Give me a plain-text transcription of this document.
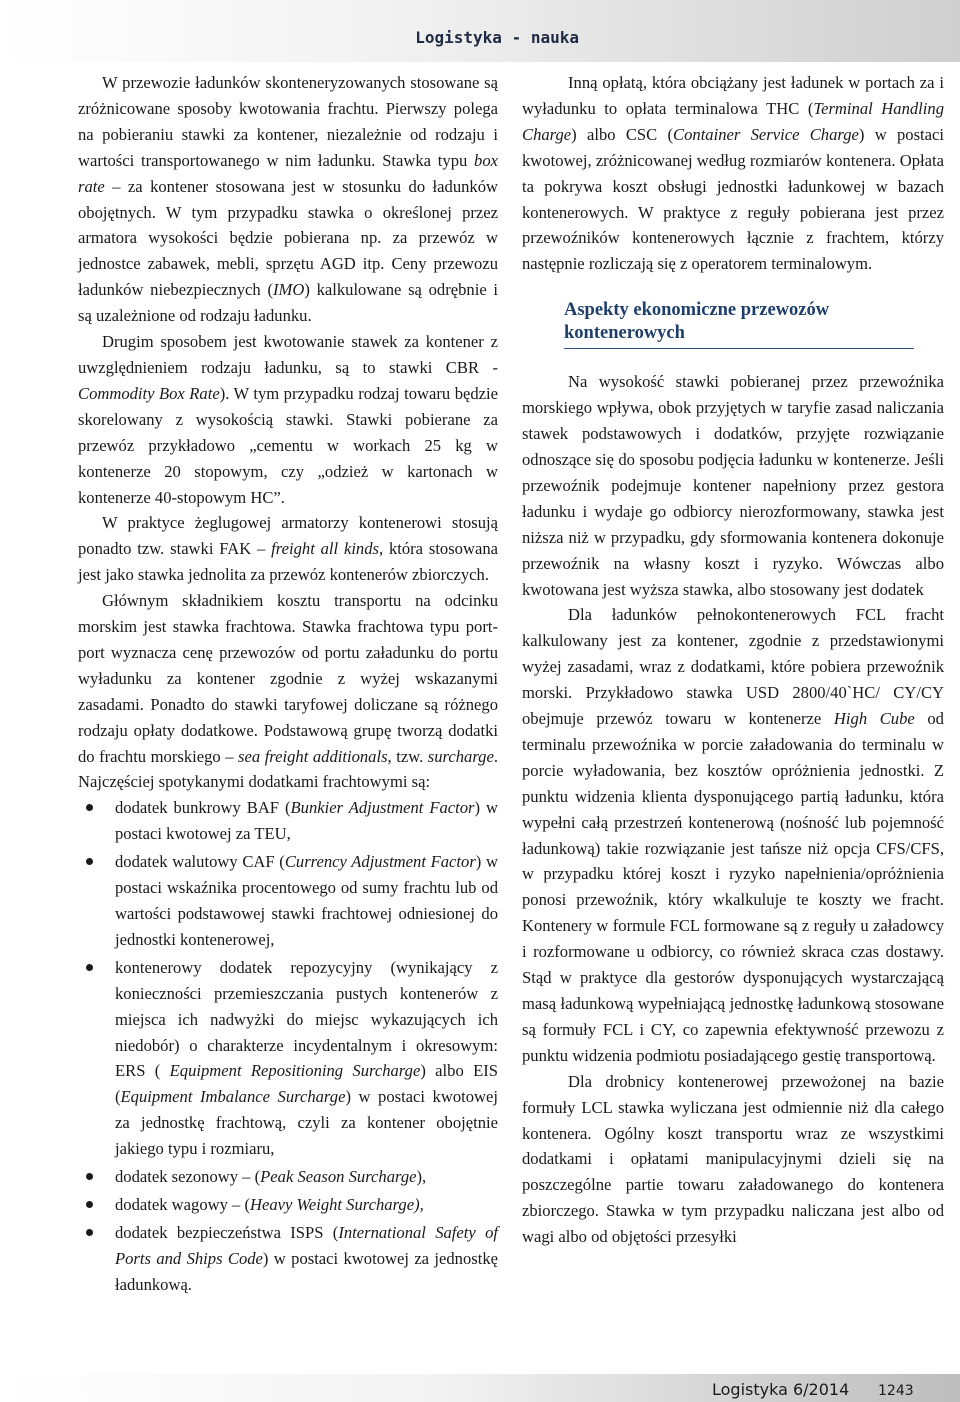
Logistyka - nauka

W przewozie ładunków skonteneryzowanych stosowane są zróżnicowane sposoby kwotowania frachtu. Pierwszy polega na pobieraniu stawki za kontener, niezależnie od rodzaju i wartości transportowanego w nim ładunku. Stawka typu box rate – za kontener stosowana jest w stosunku do ładunków obojętnych. W tym przypadku stawka o określonej przez armatora wysokości będzie pobierana np. za przewóz w jednostce zabawek, mebli, sprzętu AGD itp. Ceny przewozu ładunków niebezpiecznych (IMO) kalkulowane są odrębnie i są uzależnione od rodzaju ładunku.

Drugim sposobem jest kwotowanie stawek za kontener z uwzględnieniem rodzaju ładunku, są to stawki CBR - Commodity Box Rate). W tym przypadku rodzaj towaru będzie skorelowany z wysokością stawki. Stawki pobierane za przewóz przykładowo „cementu w workach 25 kg w kontenerze 20 stopowym, czy „odzież w kartonach w kontenerze 40-stopowym HC”.

W praktyce żeglugowej armatorzy kontenerowi stosują ponadto tzw. stawki FAK – freight all kinds, która stosowana jest jako stawka jednolita za przewóz kontenerów zbiorczych.

Głównym składnikiem kosztu transportu na odcinku morskim jest stawka frachtowa. Stawka frachtowa typu port-port wyznacza cenę przewozów od portu załadunku do portu wyładunku za kontener zgodnie z wyżej wskazanymi zasadami. Ponadto do stawki taryfowej doliczane są różnego rodzaju opłaty dodatkowe. Podstawową grupę tworzą dodatki do frachtu morskiego – sea freight additionals, tzw. surcharge. Najczęściej spotykanymi dodatkami frachtowymi są:

dodatek bunkrowy BAF (Bunkier Adjustment Factor) w postaci kwotowej za TEU,
dodatek walutowy CAF (Currency Adjustment Factor) w postaci wskaźnika procentowego od sumy frachtu lub od wartości podstawowej stawki frachtowej odniesionej do jednostki kontenerowej,
kontenerowy dodatek repozycyjny (wynikający z konieczności przemieszczania pustych kontenerów z miejsca ich nadwyżki do miejsc wykazujących ich niedobór) o charakterze incydentalnym i okresowym: ERS ( Equipment Repositioning Surcharge) albo EIS (Equipment Imbalance Surcharge) w postaci kwotowej za jednostkę frachtową, czyli za kontener obojętnie jakiego typu i rozmiaru,
dodatek sezonowy – (Peak Season Surcharge),
dodatek wagowy – (Heavy Weight Surcharge),
dodatek bezpieczeństwa ISPS (International Safety of Ports and Ships Code) w postaci kwotowej za jednostkę ładunkową.

Inną opłatą, która obciążany jest ładunek w portach za i wyładunku to opłata terminalowa THC (Terminal Handling Charge) albo CSC (Container Service Charge) w postaci kwotowej, zróżnicowanej według rozmiarów kontenera. Opłata ta pokrywa koszt obsługi jednostki ładunkowej w bazach kontenerowych. W praktyce z reguły pobierana jest przez przewoźników kontenerowych łącznie z frachtem, którzy następnie rozliczają się z operatorem terminalowym.

Aspekty ekonomiczne przewozów kontenerowych

Na wysokość stawki pobieranej przez przewoźnika morskiego wpływa, obok przyjętych w taryfie zasad naliczania stawek podstawowych i dodatków, przyjęte rozwiązanie odnoszące się do sposobu podjęcia ładunku w kontenerze. Jeśli przewoźnik podejmuje kontener napełniony przez gestora ładunku i wydaje go odbiorcy nierozformowany, stawka jest niższa niż w przypadku, gdy sformowania kontenera dokonuje przewoźnik na własny koszt i ryzyko. Wówczas albo kwotowana jest wyższa stawka, albo stosowany jest dodatek

Dla ładunków pełnokontenerowych FCL fracht kalkulowany jest za kontener, zgodnie z przedstawionymi wyżej zasadami, wraz z dodatkami, które pobiera przewoźnik morski. Przykładowo stawka USD 2800/40`HC/ CY/CY obejmuje przewóz towaru w kontenerze High Cube od terminalu przewoźnika w porcie załadowania do terminalu w porcie wyładowania, bez kosztów opróżnienia jednostki. Z punktu widzenia klienta dysponującego partią ładunku, która wypełni całą przestrzeń kontenerową (nośność lub pojemność ładunkową) takie rozwiązanie jest tańsze niż opcja CFS/CFS, w przypadku której koszt i ryzyko napełnienia/opróżnienia ponosi przewoźnik, który wkalkuluje te koszty we fracht. Kontenery w formule FCL formowane są z reguły u załadowcy i rozformowane u odbiorcy, co również skraca czas dostawy. Stąd w praktyce dla gestorów dysponujących wystarczającą masą ładunkową wypełniającą jednostkę ładunkową stosowane są formuły FCL i CY, co zapewnia efektywność przewozu z punktu widzenia podmiotu posiadającego gestię transportową.

Dla drobnicy kontenerowej przewożonej na bazie formuły LCL stawka wyliczana jest odmiennie niż dla całego kontenera. Ogólny koszt transportu wraz ze wszystkimi dodatkami i opłatami manipulacyjnymi dzieli się na poszczególne partie towaru załadowanego do kontenera zbiorczego. Stawka w tym przypadku naliczana jest albo od wagi albo od objętości przesyłki

Logistyka 6/2014 1243
